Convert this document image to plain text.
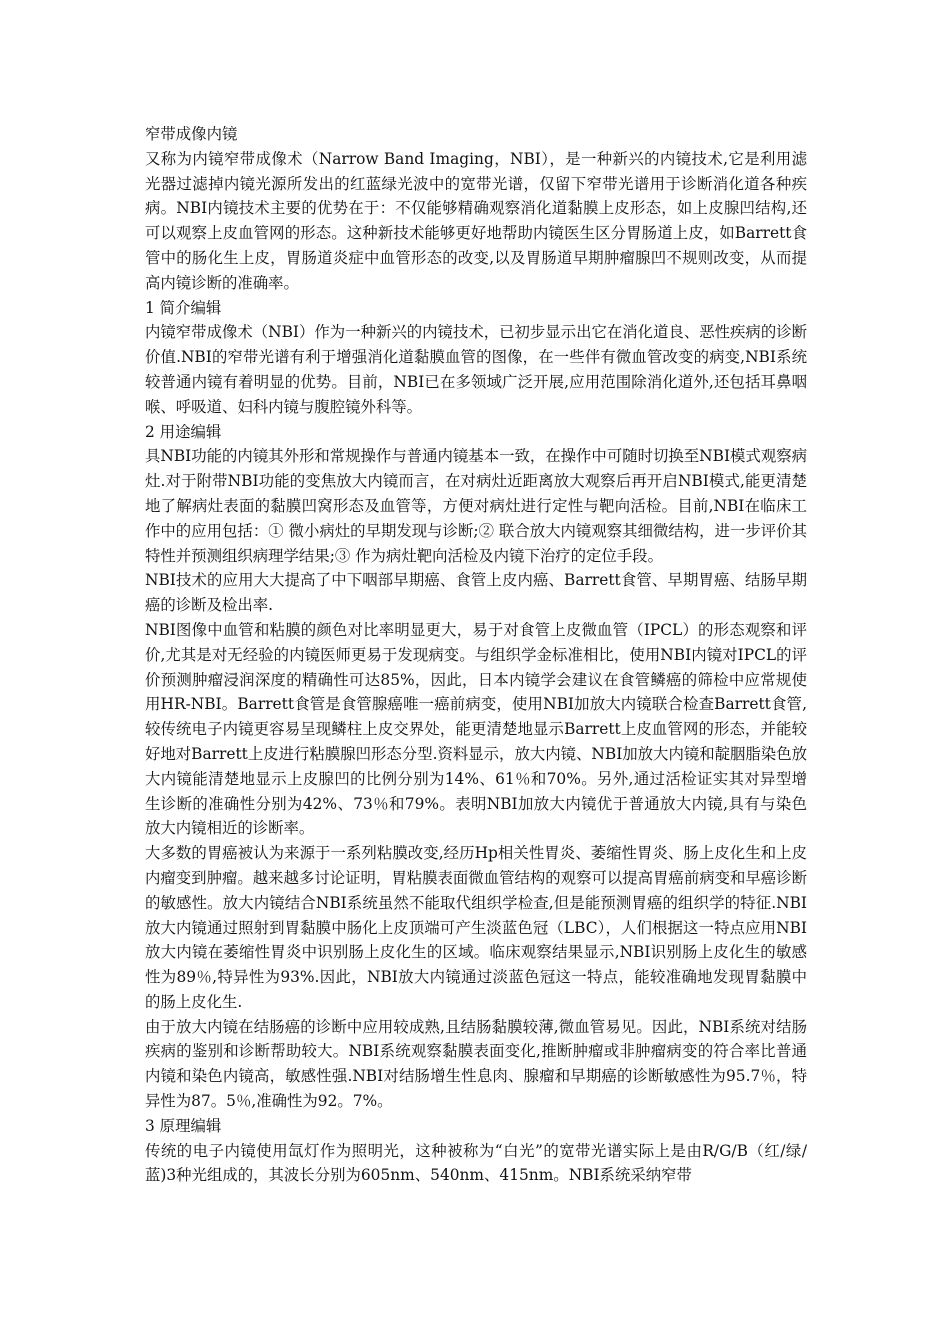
窄带成像内镜

又称为内镜窄带成像术（Narrow Band Imaging，NBI），是一种新兴的内镜技术,它是利用滤光器过滤掉内镜光源所发出的红蓝绿光波中的宽带光谱，仅留下窄带光谱用于诊断消化道各种疾病。NBI内镜技术主要的优势在于：不仅能够精确观察消化道黏膜上皮形态，如上皮腺凹结构,还可以观察上皮血管网的形态。这种新技术能够更好地帮助内镜医生区分胃肠道上皮，如Barrett食管中的肠化生上皮，胃肠道炎症中血管形态的改变,以及胃肠道早期肿瘤腺凹不规则改变，从而提高内镜诊断的准确率。

1 简介编辑

内镜窄带成像术（NBI）作为一种新兴的内镜技术，已初步显示出它在消化道良、恶性疾病的诊断价值.NBI的窄带光谱有利于增强消化道黏膜血管的图像，在一些伴有微血管改变的病变,NBI系统较普通内镜有着明显的优势。目前，NBI已在多领域广泛开展,应用范围除消化道外,还包括耳鼻咽喉、呼吸道、妇科内镜与腹腔镜外科等。

2 用途编辑

具NBI功能的内镜其外形和常规操作与普通内镜基本一致，在操作中可随时切换至NBI模式观察病灶.对于附带NBI功能的变焦放大内镜而言，在对病灶近距离放大观察后再开启NBI模式,能更清楚地了解病灶表面的黏膜凹窝形态及血管等，方便对病灶进行定性与靶向活检。目前,NBI在临床工作中的应用包括：① 微小病灶的早期发现与诊断;② 联合放大内镜观察其细微结构，进一步评价其特性并预测组织病理学结果;③ 作为病灶靶向活检及内镜下治疗的定位手段。

NBI技术的应用大大提高了中下咽部早期癌、食管上皮内癌、Barrett食管、早期胃癌、结肠早期癌的诊断及检出率.

NBI图像中血管和粘膜的颜色对比率明显更大，易于对食管上皮微血管（IPCL）的形态观察和评价,尤其是对无经验的内镜医师更易于发现病变。与组织学金标准相比，使用NBI内镜对IPCL的评价预测肿瘤浸润深度的精确性可达85%，因此，日本内镜学会建议在食管鳞癌的筛检中应常规使用HR-NBI。Barrett食管是食管腺癌唯一癌前病变，使用NBI加放大内镜联合检查Barrett食管,较传统电子内镜更容易呈现鳞柱上皮交界处，能更清楚地显示Barrett上皮血管网的形态，并能较好地对Barrett上皮进行粘膜腺凹形态分型.资料显示，放大内镜、NBI加放大内镜和靛胭脂染色放大内镜能清楚地显示上皮腺凹的比例分别为14%、61％和70%。另外,通过活检证实其对异型增生诊断的准确性分别为42%、73％和79%。表明NBI加放大内镜优于普通放大内镜,具有与染色放大内镜相近的诊断率。

大多数的胃癌被认为来源于一系列粘膜改变,经历Hp相关性胃炎、萎缩性胃炎、肠上皮化生和上皮内瘤变到肿瘤。越来越多讨论证明，胃粘膜表面微血管结构的观察可以提高胃癌前病变和早癌诊断的敏感性。放大内镜结合NBI系统虽然不能取代组织学检查,但是能预测胃癌的组织学的特征.NBI放大内镜通过照射到胃黏膜中肠化上皮顶端可产生淡蓝色冠（LBC），人们根据这一特点应用NBI放大内镜在萎缩性胃炎中识别肠上皮化生的区域。临床观察结果显示,NBI识别肠上皮化生的敏感性为89％,特异性为93%.因此，NBI放大内镜通过淡蓝色冠这一特点，能较准确地发现胃黏膜中的肠上皮化生.

由于放大内镜在结肠癌的诊断中应用较成熟,且结肠黏膜较薄,微血管易见。因此，NBI系统对结肠疾病的鉴别和诊断帮助较大。NBI系统观察黏膜表面变化,推断肿瘤或非肿瘤病变的符合率比普通内镜和染色内镜高，敏感性强.NBI对结肠增生性息肉、腺瘤和早期癌的诊断敏感性为95.7％，特异性为87。5％,准确性为92。7%。

3 原理编辑

传统的电子内镜使用氙灯作为照明光，这种被称为“白光”的宽带光谱实际上是由R/G/B（红/绿/蓝)3种光组成的，其波长分别为605nm、540nm、415nm。NBI系统采纳窄带
